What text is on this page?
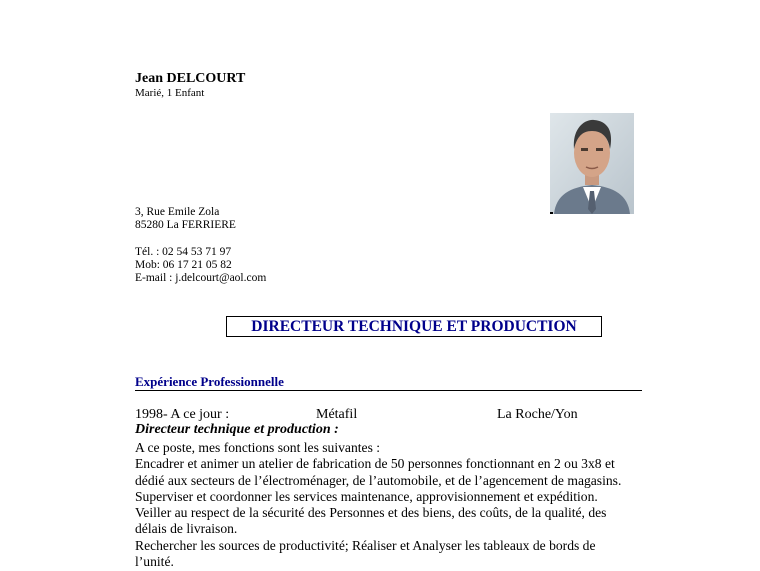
Jean DELCOURT
Marié, 1 Enfant
3, Rue Emile Zola
85280 La FERRIERE
Tél. : 02 54 53 71 97
Mob: 06 17 21 05 82
E-mail : j.delcourt@aol.com
DIRECTEUR TECHNIQUE ET PRODUCTION
Expérience Professionnelle
1998- A ce jour :	Métafil	La Roche/Yon
Directeur technique et production :
A ce poste, mes fonctions sont les suivantes :
Encadrer et animer un atelier de fabrication de 50 personnes fonctionnant en 2 ou 3x8 et
dédié aux secteurs de l’électroménager, de l’automobile, et de l’agencement de magasins.
Superviser et coordonner les services maintenance, approvisionnement et expédition.
Veiller au respect de la sécurité des Personnes et des biens, des coûts, de la qualité, des
délais de livraison.
Rechercher les sources de productivité; Réaliser et Analyser les tableaux de bords de
l’unité.
